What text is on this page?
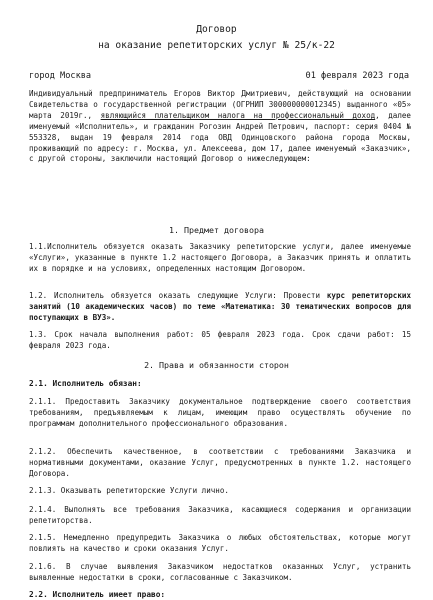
Договор
на оказание репетиторских услуг № 25/к-22
город Москва	01 февраля 2023 года

Индивидуальный предприниматель Егоров Виктор Дмитриевич, действующий на основании Свидетельства о государственной регистрации (ОГРНИП 300000000012345) выданного «05» марта 2019г., являющийся плательщиком налога на профессиональный доход, далее именуемый «Исполнитель», и гражданин Рогозин Андрей Петрович, паспорт: серия 0404 № 553328, выдан 19 февраля 2014 года ОВД Одинцовского района города Москвы, проживающий по адресу: г. Москва, ул. Алексеева, дом 17, далее именуемый «Заказчик», с другой стороны, заключили настоящий Договор о нижеследующем:

1. Предмет договора
1.1.Исполнитель обязуется оказать Заказчику репетиторские услуги, далее именуемые «Услуги», указанные в пункте 1.2 настоящего Договора, а Заказчик принять и оплатить их в порядке и на условиях, определенных настоящим Договором.
1.2. Исполнитель обязуется оказать следующие Услуги: Провести курс репетиторских занятий (10 академических часов) по теме «Математика: 30 тематических вопросов для поступающих в ВУЗ».
1.3. Срок начала выполнения работ: 05 февраля 2023 года. Срок сдачи работ: 15 февраля 2023 года.
2. Права и обязанности сторон
2.1. Исполнитель обязан:
2.1.1. Предоставить Заказчику документальное подтверждение своего соответствия требованиям, предъявляемым к лицам, имеющим право осуществлять обучение по программам дополнительного профессионального образования.
2.1.2. Обеспечить качественное, в соответствии с требованиями Заказчика и нормативными документами, оказание Услуг, предусмотренных в пункте 1.2. настоящего Договора.
2.1.3. Оказывать репетиторские Услуги лично.
2.1.4. Выполнять все требования Заказчика, касающиеся содержания и организации репетиторства.
2.1.5. Немедленно предупредить Заказчика о любых обстоятельствах, которые могут повлиять на качество и сроки оказания Услуг.
2.1.6. В случае выявления Заказчиком недостатков оказанных Услуг, устранить выявленные недостатки в сроки, согласованные с Заказчиком.
2.2. Исполнитель имеет право:
